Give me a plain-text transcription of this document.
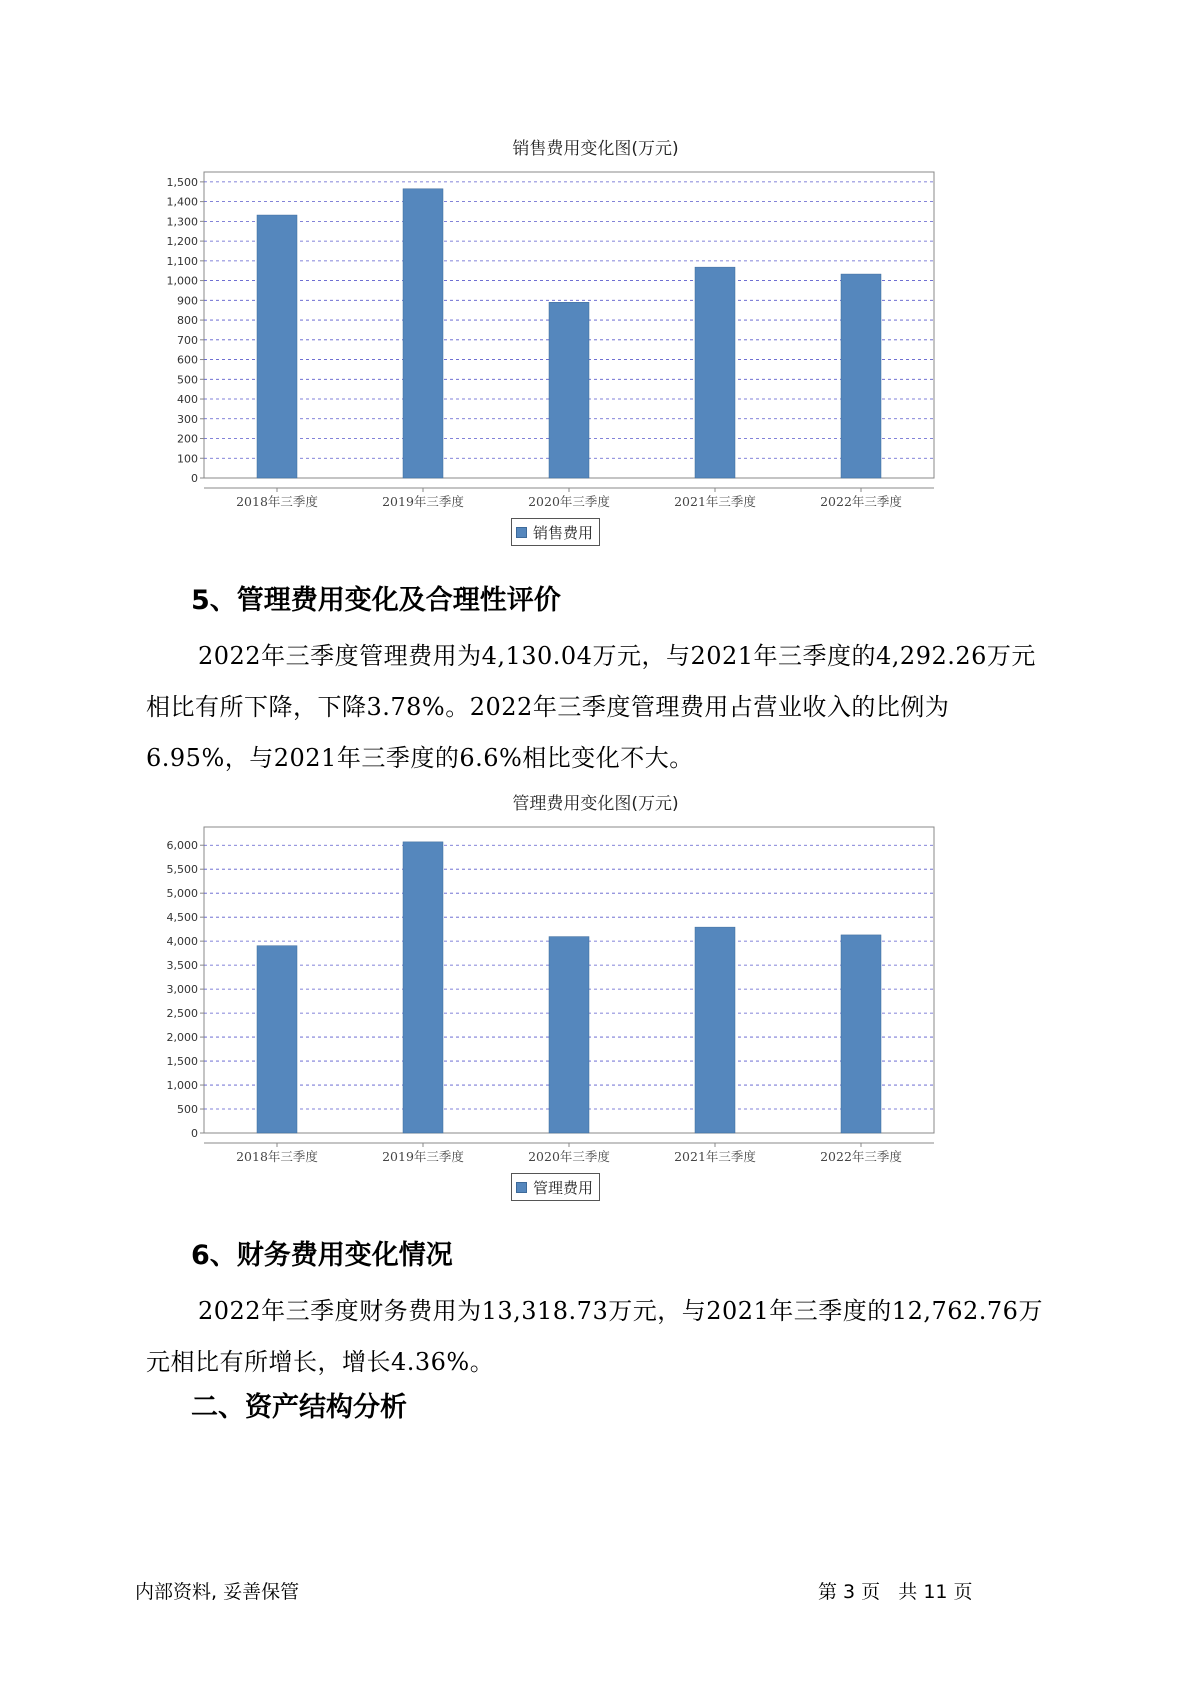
销售费用变化图(万元)
0
100
200
300
400
500
600
700
800
900
1,000
1,100
1,200
1,300
1,400
1,500
2018年三季度	2019年三季度	2020年三季度	2021年三季度	2022年三季度
销售费用
5、管理费用变化及合理性评价

2022年三季度管理费用为4,130.04万元，与2021年三季度的4,292.26万元相比有所下降，下降3.78%。2022年三季度管理费用占营业收入的比例为6.95%，与2021年三季度的6.6%相比变化不大。

管理费用变化图(万元)
0
500
1,000
1,500
2,000
2,500
3,000
3,500
4,000
4,500
5,000
5,500
6,000
2018年三季度	2019年三季度	2020年三季度	2021年三季度	2022年三季度
管理费用
6、财务费用变化情况

2022年三季度财务费用为13,318.73万元，与2021年三季度的12,762.76万元相比有所增长，增长4.36%。

二、资产结构分析
内部资料, 妥善保管	第 3 页   共 11 页
